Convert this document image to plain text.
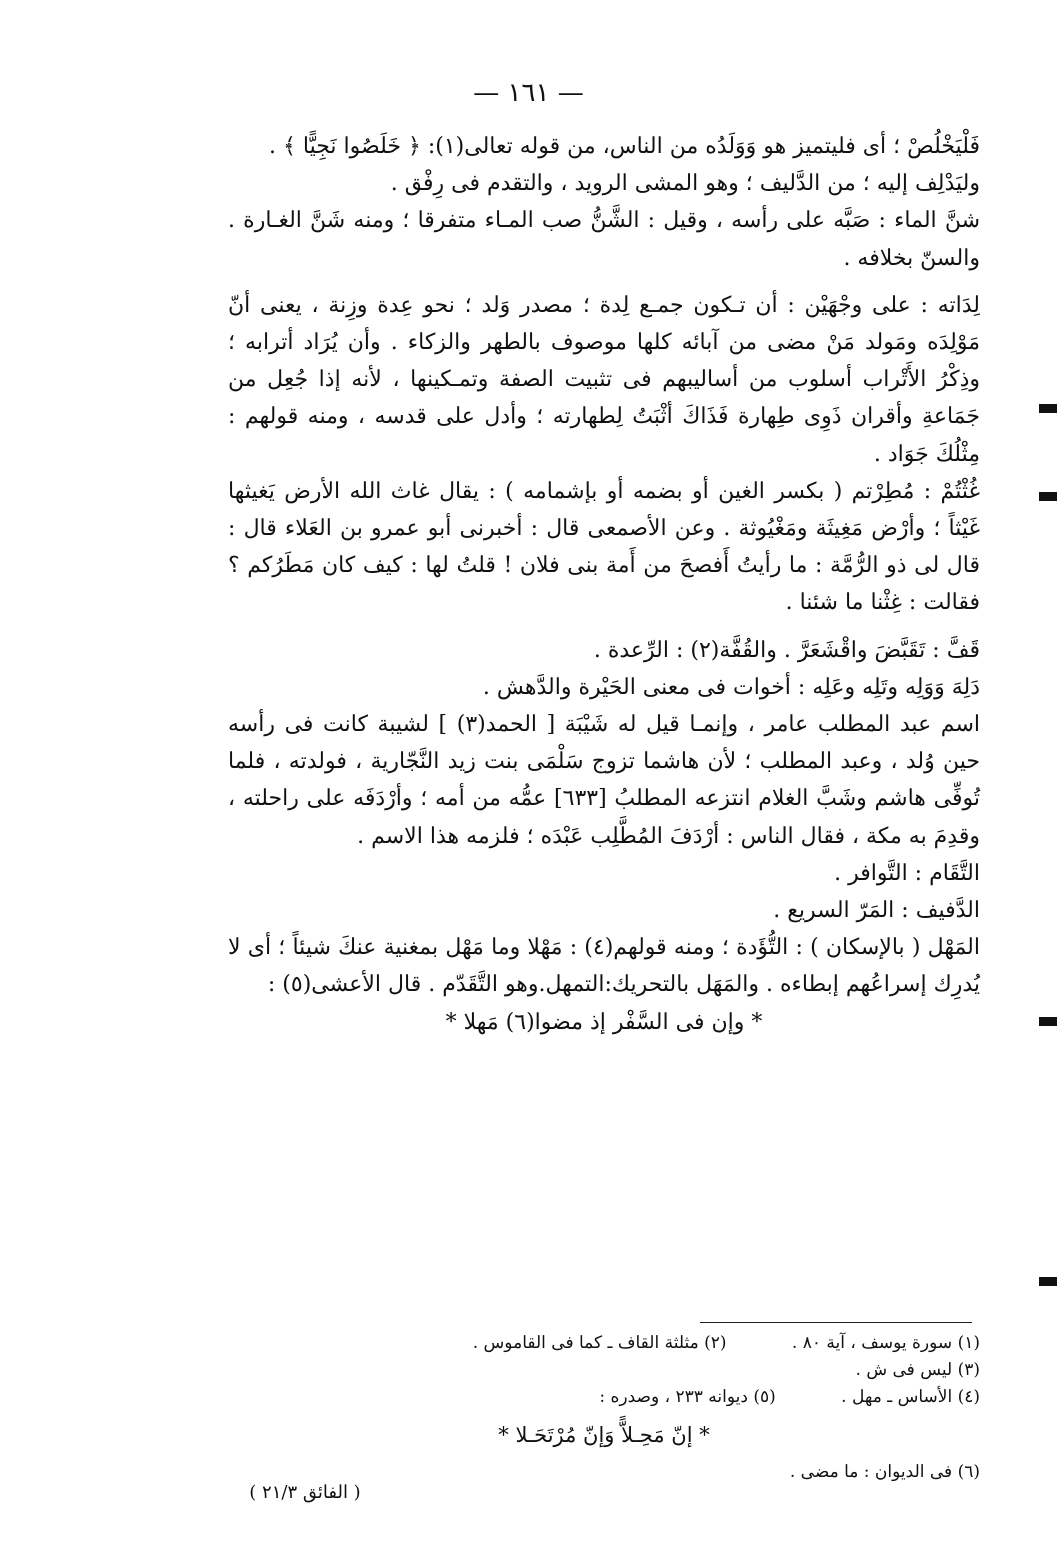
— ١٦١ —

فَلْيَخْلُصْ ؛ أى فليتميز هو وَوَلَدُه من الناس، من قوله تعالى(١): ﴿ خَلَصُوا نَجِيًّا ﴾ .

وليَدْلِف إليه ؛ من الدَّليف ؛ وهو المشى الرويد ، والتقدم فى رِفْق .

شنَّ الماء : صَبَّه على رأسه ، وقيل : الشَّنُّ صب المـاء متفرقا ؛ ومنه شَنَّ الغـارة . والسنّ بخلافه .

لِدَاته : على وجْهَيْن : أن تـكون جمـع لِدة ؛ مصدر وَلد ؛ نحو عِدة وزِنة ، يعنى أنّ مَوْلِدَه ومَولد مَنْ مضى من آبائه كلها موصوف بالطهر والزكاء . وأن يُرَاد أترابه ؛ وذِكْرُ الأَتْراب أسلوب من أساليبهم فى تثبيت الصفة وتمـكينها ، لأنه إذا جُعِل من جَمَاعةِ وأقران ذَوِى طِهارة فَذَاكَ أثْبَتُ لِطهارته ؛ وأدل على قدسه ، ومنه قولهم : مِثْلُكَ جَوَاد .

غُثْتُمْ : مُطِرْتم ( بكسر الغين أو بضمه أو بإشمامه ) : يقال غاث الله الأرض يَغيثها غَيْثاً ؛ وأرْض مَغِيثَة ومَغْيُوثة . وعن الأصمعى قال : أخبرنى أبو عمرو بن العَلاء قال : قال لى ذو الرُّمَّة : ما رأيتُ أَفصحَ من أَمة بنى فلان ! قلتُ لها : كيف كان مَطَرُكم ؟ فقالت : غِثْنا ما شئنا .

قَفَّ : تَقَبَّضَ واقْشَعَرَّ . والقُفَّة(٢) : الرِّعدة .

دَلِهَ وَوَلِه وتَلِه وعَلِه : أخوات فى معنى الحَيْرة والدَّهش .

اسم عبد المطلب عامر ، وإنمـا قيل له شَيْبَة [ الحمد(٣) ] لشيبة كانت فى رأسه حين وُلد ، وعبد المطلب ؛ لأن هاشما تزوج سَلْمَى بنت زيد النَّجّارية ، فولدته ، فلما تُوفِّى هاشم وشَبَّ الغلام انتزعه المطلبُ [٦٣٣] عمُّه من أمه ؛ وأرْدَفَه على راحلته ، وقدِمَ به مكة ، فقال الناس : أرْدَفَ المُطَّلِب عَبْدَه ؛ فلزمه هذا الاسم .

التَّقَام : التَّوافر .

الدَّفيف : المَرّ السريع .

المَهْل ( بالإسكان ) : التُّؤَدة ؛ ومنه قولهم(٤) : مَهْلا وما مَهْل بمغنية عنكَ شيئاً ؛ أى لا يُدرِك إسراعُهم إبطاءه . والمَهَل بالتحريك:التمهل.وهو التَّقَدّم . قال الأعشى(٥) :

* وإن فى السَّفْر إذ مضوا(٦) مَهلا *

(١) سورة يوسف ، آية ٨٠ . (٢) مثلثة القاف ـ كما فى القاموس . (٣) ليس فى ش .

(٤) الأساس ـ مهل . (٥) ديوانه ٢٣٣ ، وصدره :

* إنّ مَحِـلاًّ وَإنّ مُرْتَحَـلا *

(٦) فى الديوان : ما مضى .

( الفائق ٢١/٣ )
